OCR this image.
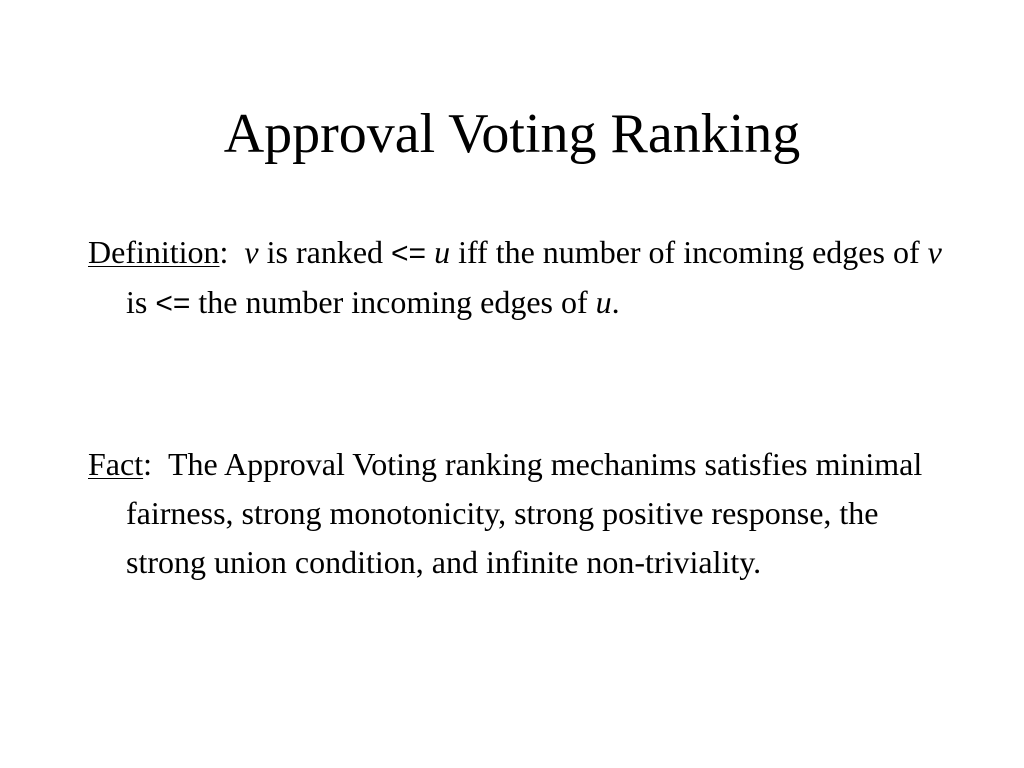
Approval Voting Ranking

Definition: v is ranked <= u iff the number of incoming edges of v is <= the number incoming edges of u.

Fact: The Approval Voting ranking mechanims satisfies minimal fairness, strong monotonicity, strong positive response, the strong union condition, and infinite non-triviality.
